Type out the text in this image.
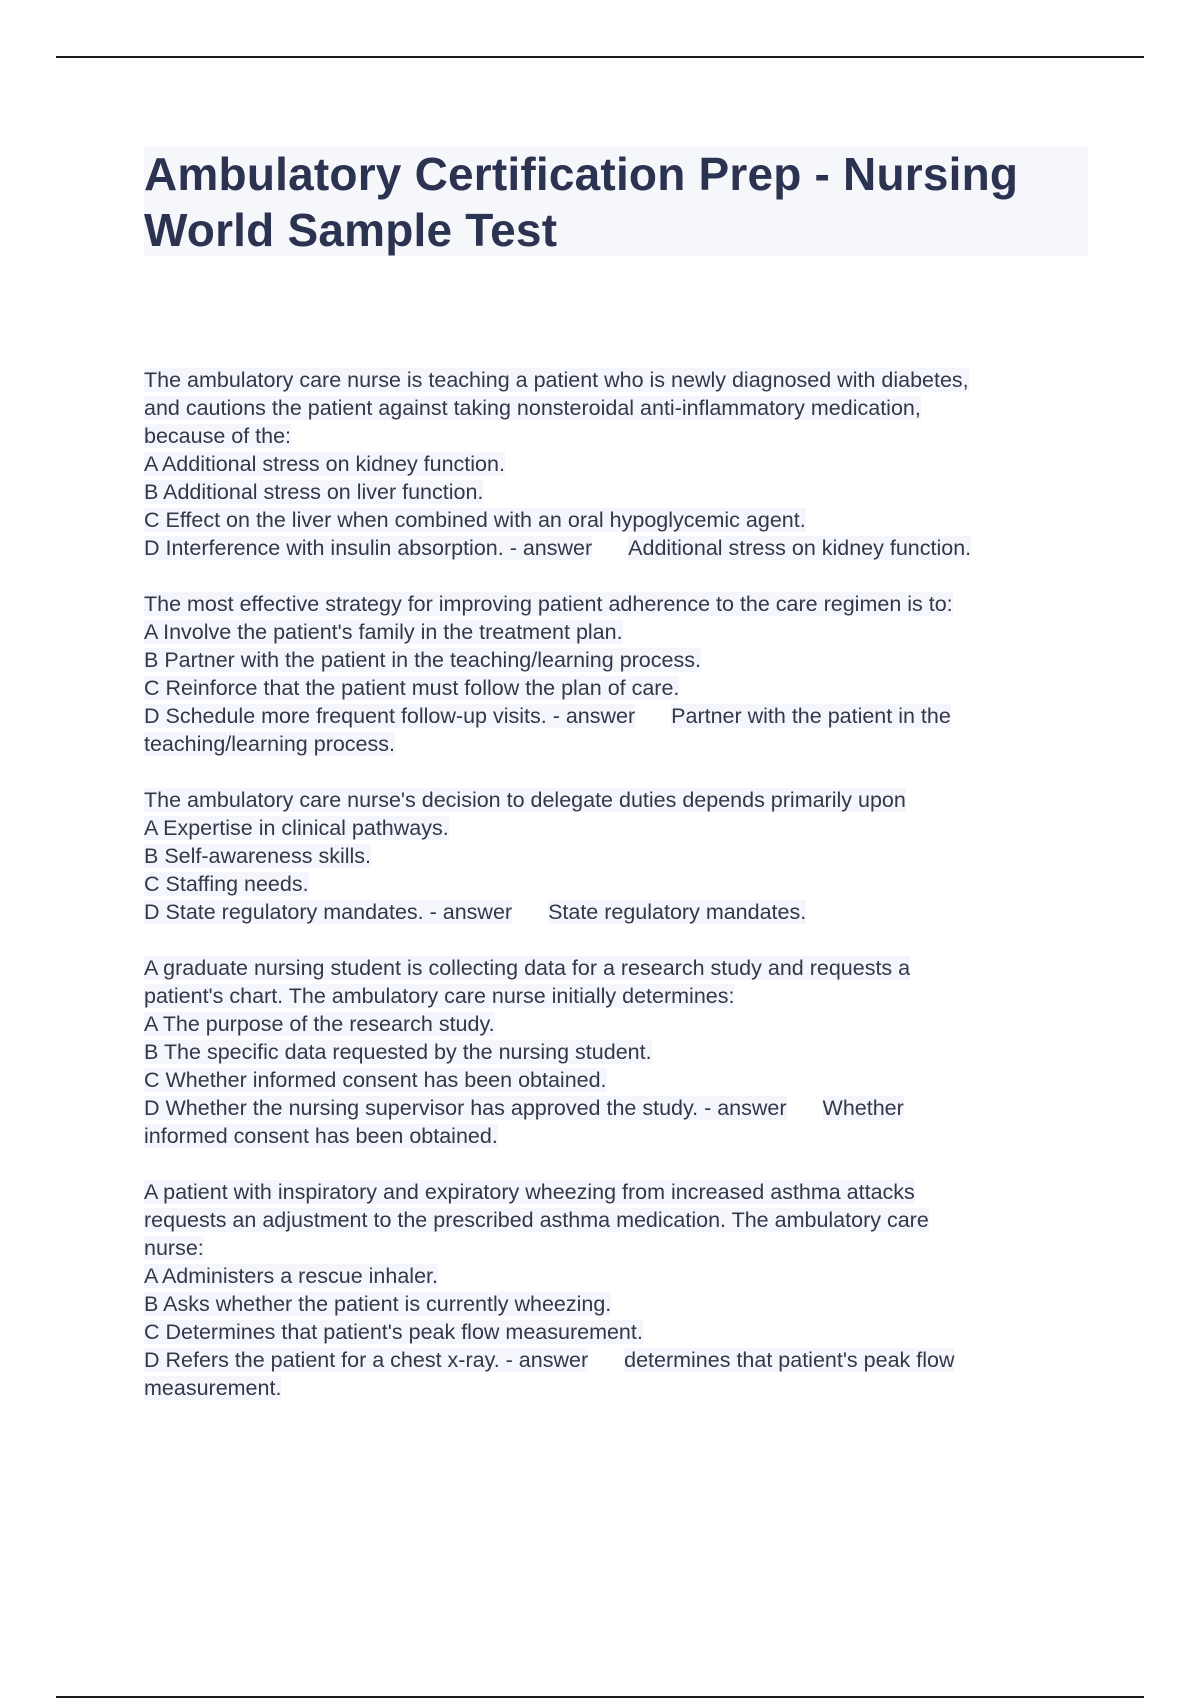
Ambulatory Certification Prep - Nursing
World Sample Test
The ambulatory care nurse is teaching a patient who is newly diagnosed with diabetes,
and cautions the patient against taking nonsteroidal anti-inflammatory medication,
because of the:
A Additional stress on kidney function.
B Additional stress on liver function.
C Effect on the liver when combined with an oral hypoglycemic agent.
D Interference with insulin absorption. - answer Additional stress on kidney function.
The most effective strategy for improving patient adherence to the care regimen is to:
A Involve the patient's family in the treatment plan.
B Partner with the patient in the teaching/learning process.
C Reinforce that the patient must follow the plan of care.
D Schedule more frequent follow-up visits. - answer Partner with the patient in the
teaching/learning process.
The ambulatory care nurse's decision to delegate duties depends primarily upon
A Expertise in clinical pathways.
B Self-awareness skills.
C Staffing needs.
D State regulatory mandates. - answer State regulatory mandates.
A graduate nursing student is collecting data for a research study and requests a
patient's chart. The ambulatory care nurse initially determines:
A The purpose of the research study.
B The specific data requested by the nursing student.
C Whether informed consent has been obtained.
D Whether the nursing supervisor has approved the study. - answer Whether
informed consent has been obtained.
A patient with inspiratory and expiratory wheezing from increased asthma attacks
requests an adjustment to the prescribed asthma medication. The ambulatory care
nurse:
A Administers a rescue inhaler.
B Asks whether the patient is currently wheezing.
C Determines that patient's peak flow measurement.
D Refers the patient for a chest x-ray. - answer determines that patient's peak flow
measurement.
